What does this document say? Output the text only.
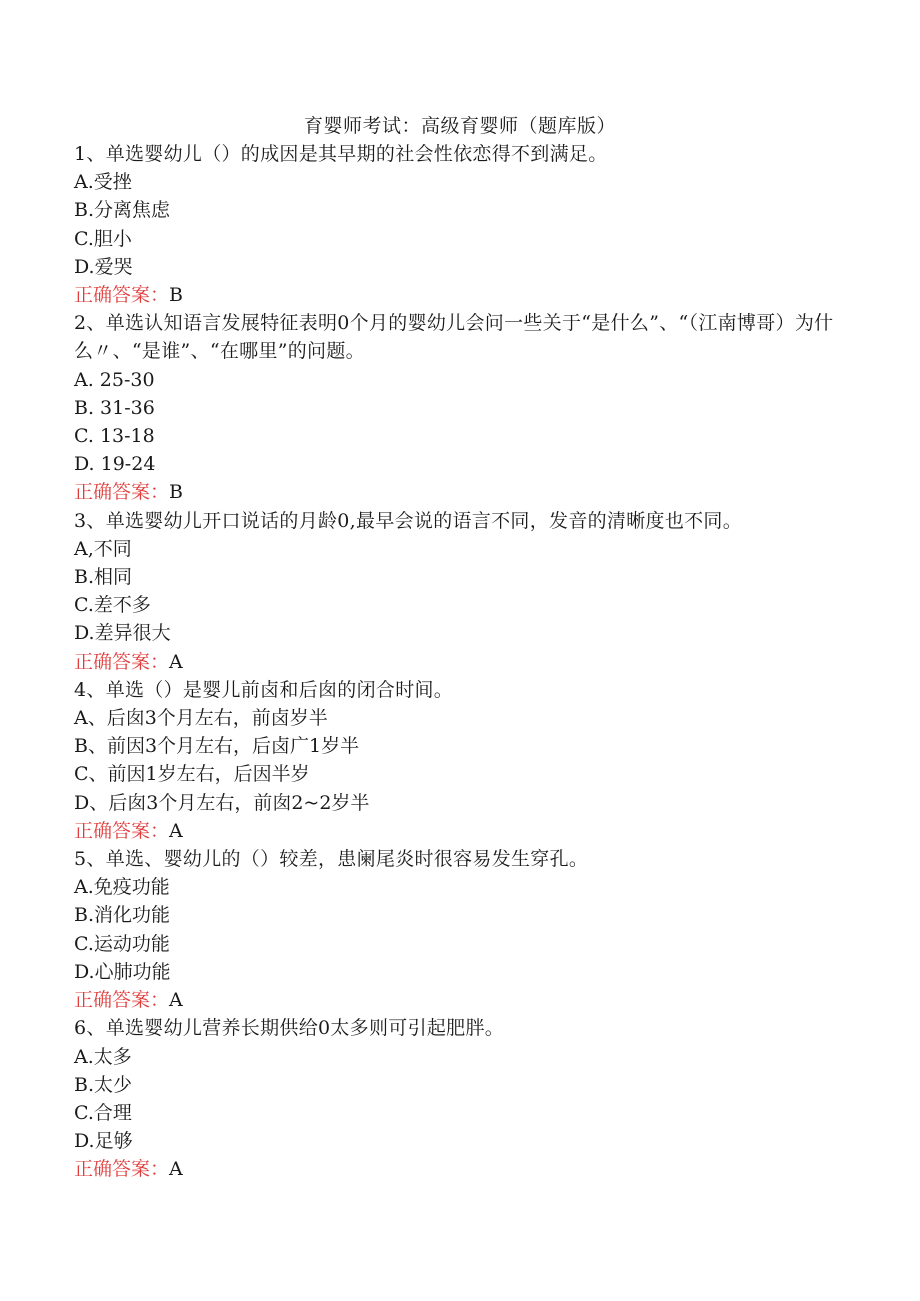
育婴师考试：高级育婴师（题库版）
1、单选婴幼儿（）的成因是其早期的社会性依恋得不到满足。
A.受挫
B.分离焦虑
C.胆小
D.爱哭
正确答案：B
2、单选认知语言发展特征表明0个月的婴幼儿会问一些关于“是什么”、“（江南博哥）为什么〃、“是谁”、“在哪里”的问题。
A. 25-30
B. 31-36
C. 13-18
D. 19-24
正确答案：B
3、单选婴幼儿开口说话的月龄0,最早会说的语言不同，发音的清晰度也不同。
A,不同
B.相同
C.差不多
D.差异很大
正确答案：A
4、单选（）是婴儿前卤和后囱的闭合时间。
A、后囱3个月左右，前卤岁半
B、前因3个月左右，后卤广1岁半
C、前因1岁左右，后因半岁
D、后囱3个月左右，前囱2~2岁半
正确答案：A
5、单选、婴幼儿的（）较差，患阑尾炎时很容易发生穿孔。
A.免疫功能
B.消化功能
C.运动功能
D.心肺功能
正确答案：A
6、单选婴幼儿营养长期供给0太多则可引起肥胖。
A.太多
B.太少
C.合理
D.足够
正确答案：A
